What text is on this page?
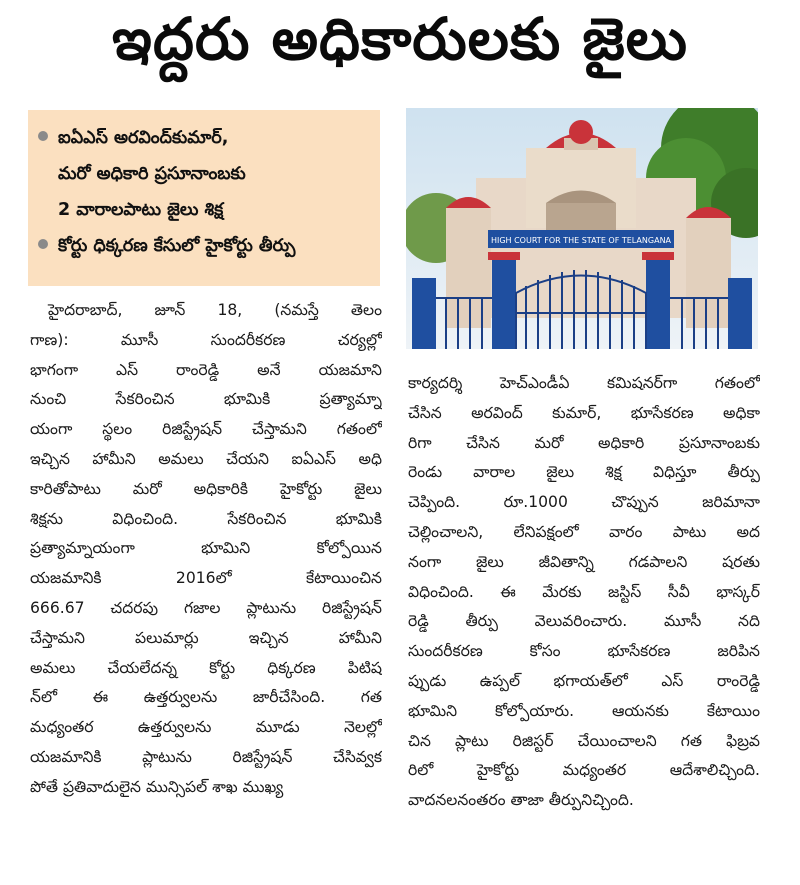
ఇద్దరు అధికారులకు జైలు
ఐఏఎస్ అరవింద్‌కుమార్,
మరో అధికారి ప్రసూనాంబకు
2 వారాలపాటు జైలు శిక్ష
కోర్టు ధిక్కరణ కేసులో హైకోర్టు తీర్పు	HIGH COURT FOR THE STATE OF TELANGANA
హైదరాబాద్, జూన్ 18, (నమస్తే తెలం
గాణ): మూసీ సుందరీకరణ చర్యల్లో
భాగంగా ఎస్ రాంరెడ్డి అనే యజమాని
నుంచి సేకరించిన భూమికి ప్రత్యామ్నా
యంగా స్థలం రిజిస్ట్రేషన్ చేస్తామని గతంలో
ఇచ్చిన హామీని అమలు చేయని ఐఏఎస్ అధి
కారితోపాటు మరో అధికారికి హైకోర్టు జైలు
శిక్షను విధించింది. సేకరించిన భూమికి
ప్రత్యామ్నాయంగా భూమిని కోల్పోయిన
యజమానికి 2016లో కేటాయించిన
666.67 చదరపు గజాల ప్లాటును రిజిస్ట్రేషన్
చేస్తామని పలుమార్లు ఇచ్చిన హామీని
అమలు చేయలేదన్న కోర్టు ధిక్కరణ పిటిష
న్‌లో ఈ ఉత్తర్వులను జారీచేసింది. గత
మధ్యంతర ఉత్తర్వులను మూడు నెలల్లో
యజమానికి ప్లాటును రిజిస్ట్రేషన్ చేసివ్వక
పోతే ప్రతివాదులైన మున్సిపల్ శాఖ ముఖ్య
కార్యదర్శి హెచ్ఎండీఏ కమిషనర్‌గా గతంలో
చేసిన అరవింద్ కుమార్, భూసేకరణ అధికా
రిగా చేసిన మరో అధికారి ప్రసూనాంబకు
రెండు వారాల జైలు శిక్ష విధిస్తూ తీర్పు
చెప్పింది. రూ.1000 చొప్పున జరిమానా
చెల్లించాలని, లేనిపక్షంలో వారం పాటు అద
నంగా జైలు జీవితాన్ని గడపాలని షరతు
విధించింది. ఈ మేరకు జస్టిస్ సీవీ భాస్కర్
రెడ్డి తీర్పు వెలువరించారు. మూసీ నది
సుందరీకరణ కోసం భూసేకరణ జరిపిన
ప్పుడు ఉప్పల్ భగాయత్‌లో ఎస్ రాంరెడ్డి
భూమిని కోల్పోయారు. ఆయనకు కేటాయిం
చిన ప్లాటు రిజిస్టర్ చేయించాలని గత ఫిబ్రవ
రిలో హైకోర్టు మధ్యంతర ఆదేశాలిచ్చింది.
వాదనలనంతరం తాజా తీర్పునిచ్చింది.
